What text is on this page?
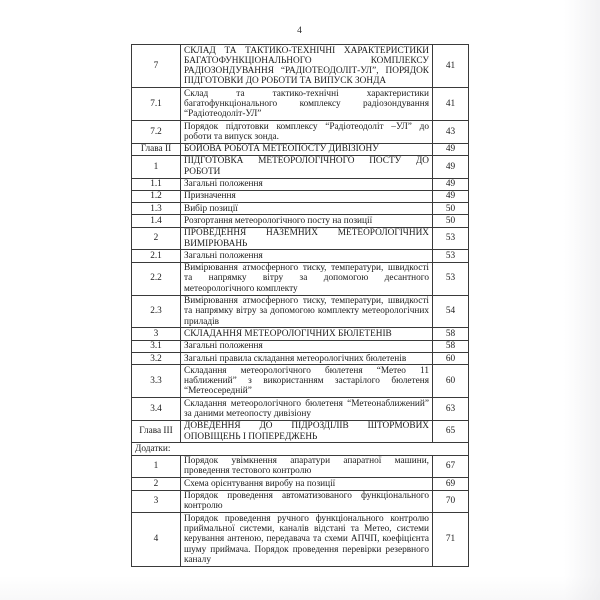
4
7	СКЛАД ТА ТАКТИКО-ТЕХНІЧНІ ХАРАКТЕРИСТИКИ БАГАТОФУНКЦІОНАЛЬНОГО КОМПЛЕКСУ РАДІОЗОНДУВАННЯ “РАДІОТЕОДОЛІТ-УЛ”, ПОРЯДОК ПІДГОТОВКИ ДО РОБОТИ ТА ВИПУСК ЗОНДА	41
7.1	Склад та тактико-технічні характеристики багатофункціонального комплексу радіозондування “Радіотеодоліт-УЛ”	41
7.2	Порядок підготовки комплексу “Радіотеодоліт –УЛ” до роботи та випуск зонда.	43
Глава II	БОЙОВА РОБОТА МЕТЕОПОСТУ ДИВІЗІОНУ	49
1	ПІДГОТОВКА МЕТЕОРОЛОГІЧНОГО ПОСТУ ДО РОБОТИ	49
1.1	Загальні положення	49
1.2	Призначення	49
1.3	Вибір позиції	50
1.4	Розгортання метеорологічного посту на позиції	50
2	ПРОВЕДЕННЯ НАЗЕМНИХ МЕТЕОРОЛОГІЧНИХ ВИМІРЮВАНЬ	53
2.1	Загальні положення	53
2.2	Вимірювання атмосферного тиску, температури, швидкості та напрямку вітру за допомогою десантного метеорологічного комплекту	53
2.3	Вимірювання атмосферного тиску, температури, швидкості та напрямку вітру за допомогою комплекту метеорологічних приладів	54
3	СКЛАДАННЯ МЕТЕОРОЛОГІЧНИХ БЮЛЕТЕНІВ	58
3.1	Загальні положення	58
3.2	Загальні правила складання метеорологічних бюлетенів	60
3.3	Складання метеорологічного бюлетеня “Метео 11 наближений” з використанням застарілого бюлетеня “Метеосередній”	60
3.4	Складання метеорологічного бюлетеня “Метеонаближений” за даними метеопосту дивізіону	63
Глава III	ДОВЕДЕННЯ ДО ПІДРОЗДІЛІВ ШТОРМОВИХ ОПОВІЩЕНЬ І ПОПЕРЕДЖЕНЬ	65
Додатки:		
1	Порядок увімкнення апаратури апаратної машини, проведення тестового контролю	67
2	Схема орієнтування виробу на позиції	69
3	Порядок проведення автоматизованого функціонального контролю	70
4	Порядок проведення ручного функціонального контролю приймальної системи, каналів відстані та Метео, системи керування антеною, передавача та схеми АПЧП, коефіцієнта шуму приймача. Порядок проведення перевірки резервного каналу	71
